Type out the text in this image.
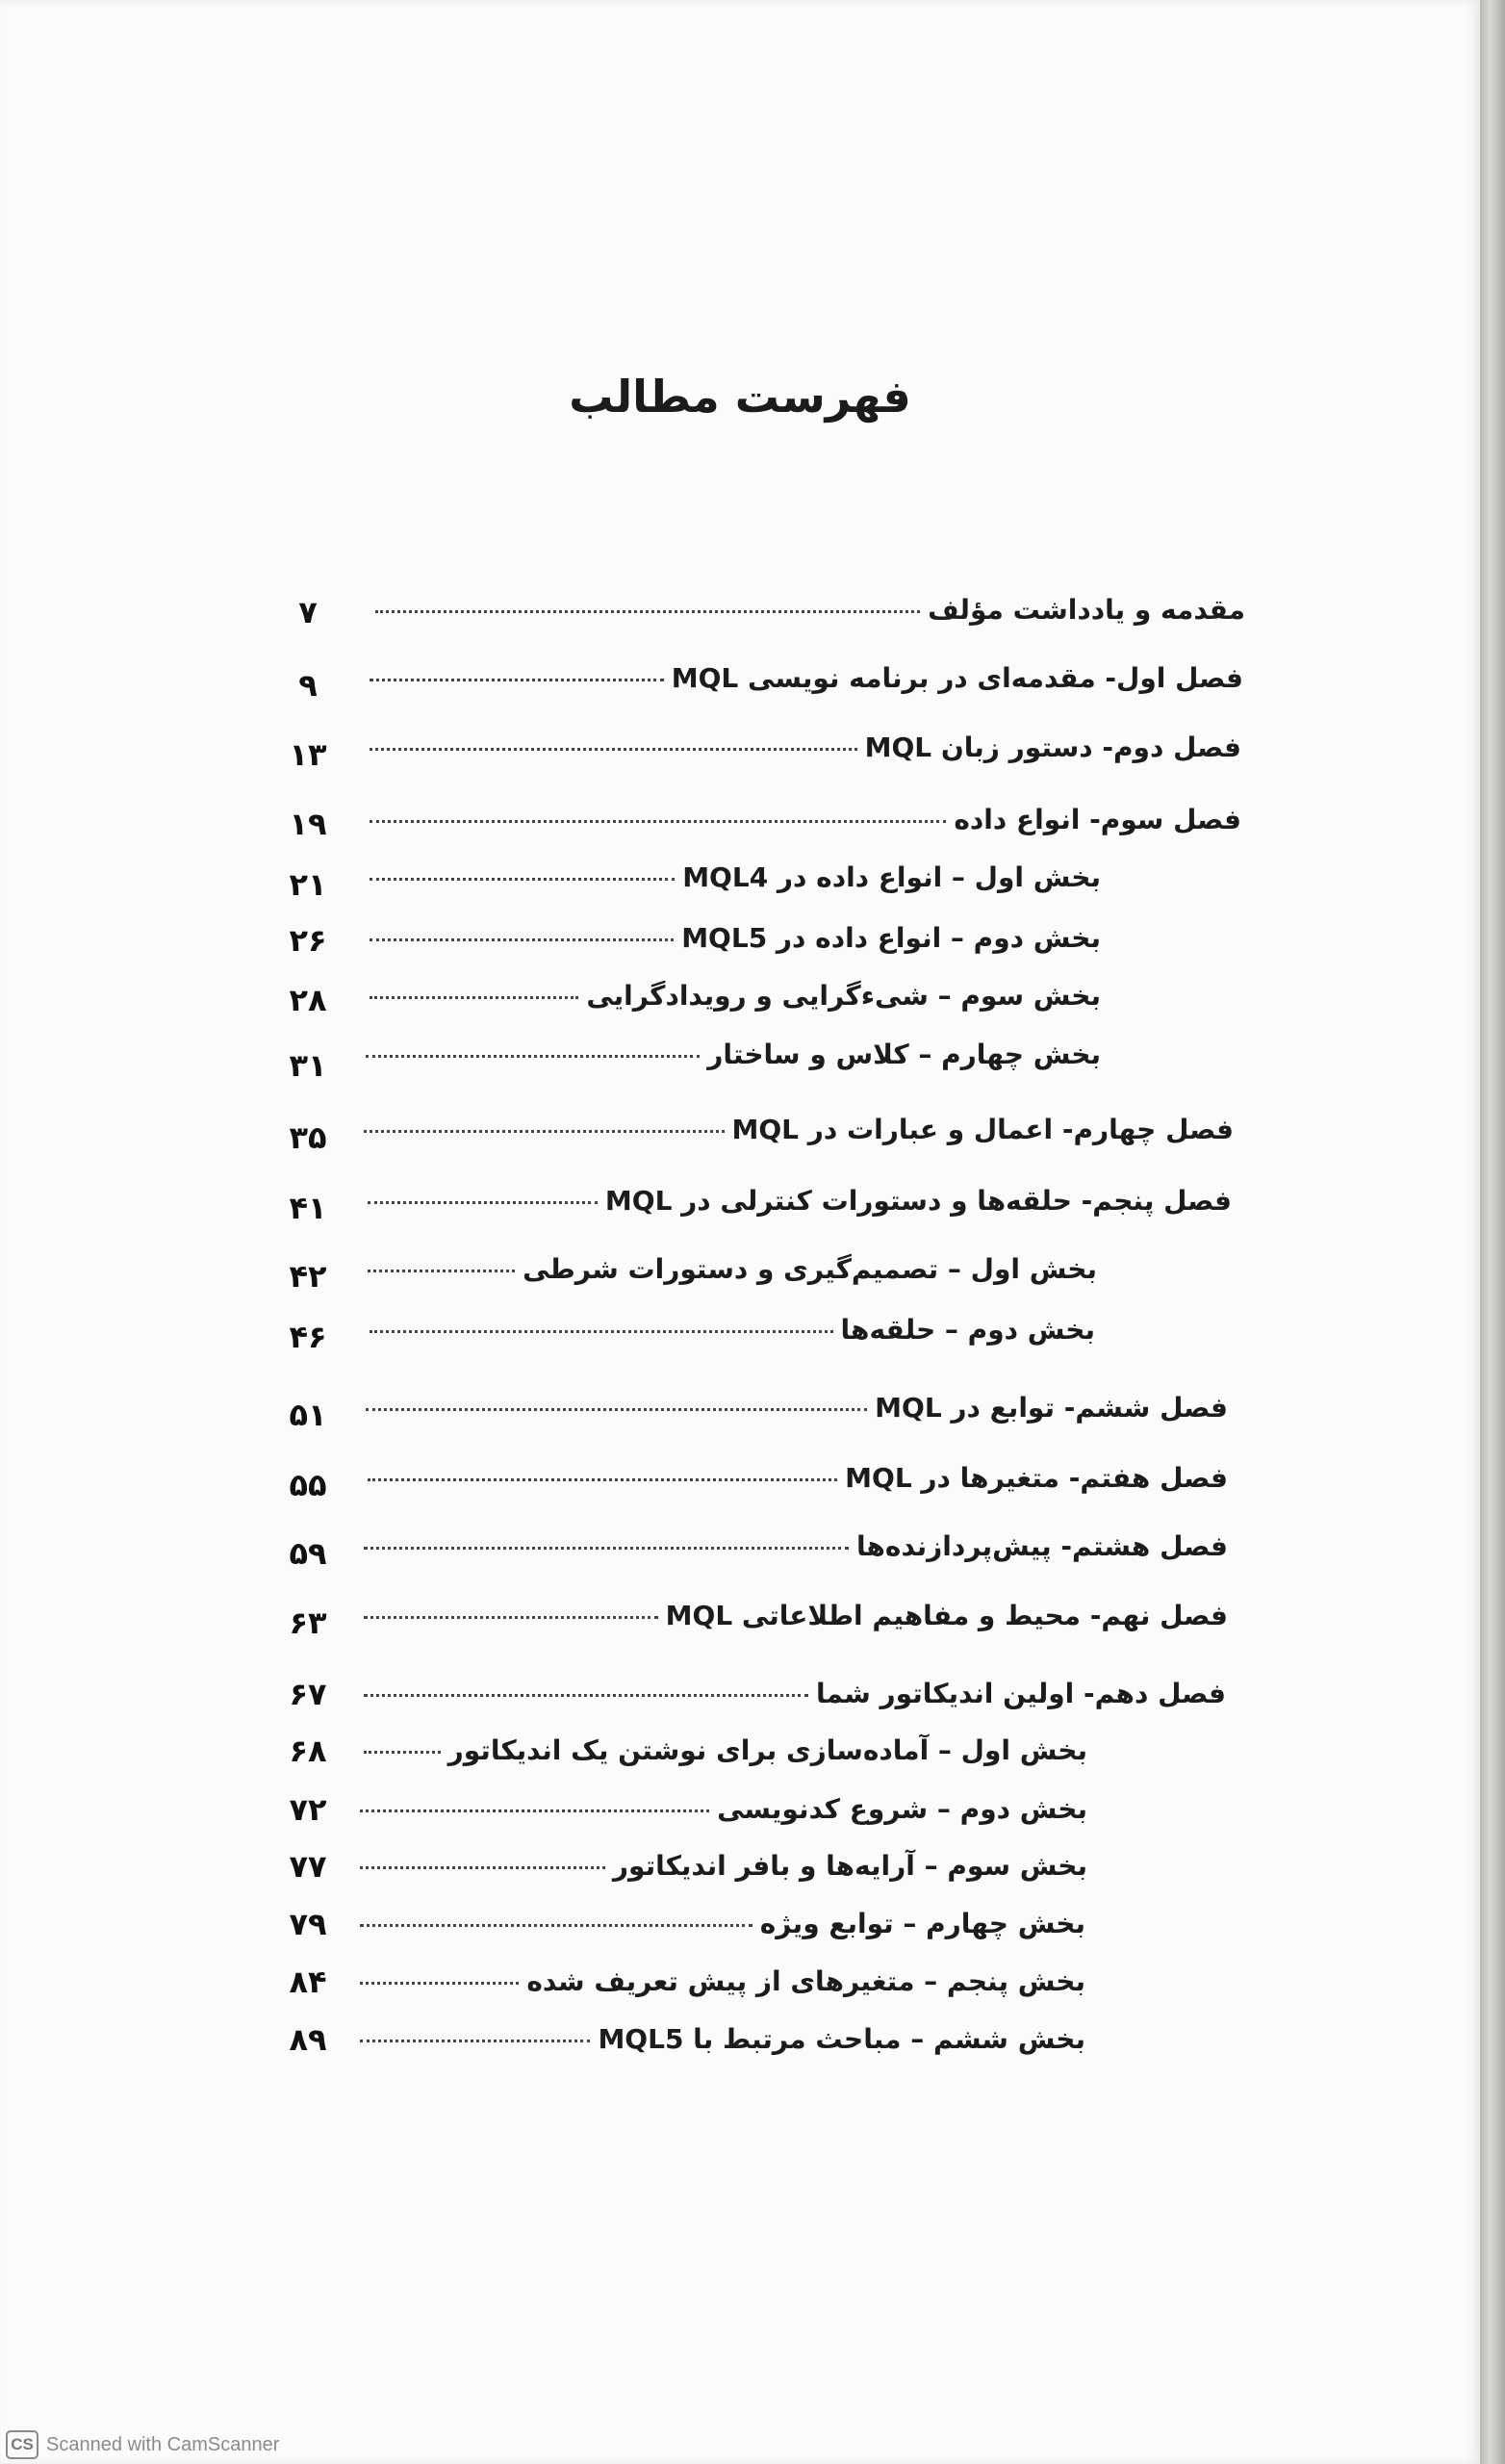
فهرست مطالب
مقدمه و یادداشت مؤلف
۷
فصل اول- مقدمه‌ای در برنامه نویسی MQL
۹
فصل دوم- دستور زبان MQL
۱۳
فصل سوم- انواع داده
۱۹
بخش اول – انواع داده در MQL4
۲۱
بخش دوم – انواع داده در MQL5
۲۶
بخش سوم – شیءگرایی و رویدادگرایی
۲۸
بخش چهارم – کلاس و ساختار
۳۱
فصل چهارم- اعمال و عبارات در MQL
۳۵
فصل پنجم- حلقه‌ها و دستورات کنترلی در MQL
۴۱
بخش اول – تصمیم‌گیری و دستورات شرطی
۴۲
بخش دوم – حلقه‌ها
۴۶
فصل ششم- توابع در MQL
۵۱
فصل هفتم- متغیرها در MQL
۵۵
فصل هشتم- پیش‌پردازنده‌ها
۵۹
فصل نهم- محیط و مفاهیم اطلاعاتی MQL
۶۳
فصل دهم- اولین اندیکاتور شما
۶۷
بخش اول – آماده‌سازی برای نوشتن یک اندیکاتور
۶۸
بخش دوم – شروع کدنویسی
۷۲
بخش سوم – آرایه‌ها و بافر اندیکاتور
۷۷
بخش چهارم – توابع ویژه
۷۹
بخش پنجم – متغیرهای از پیش تعریف شده
۸۴
بخش ششم – مباحث مرتبط با MQL5
۸۹
CS Scanned with CamScanner
